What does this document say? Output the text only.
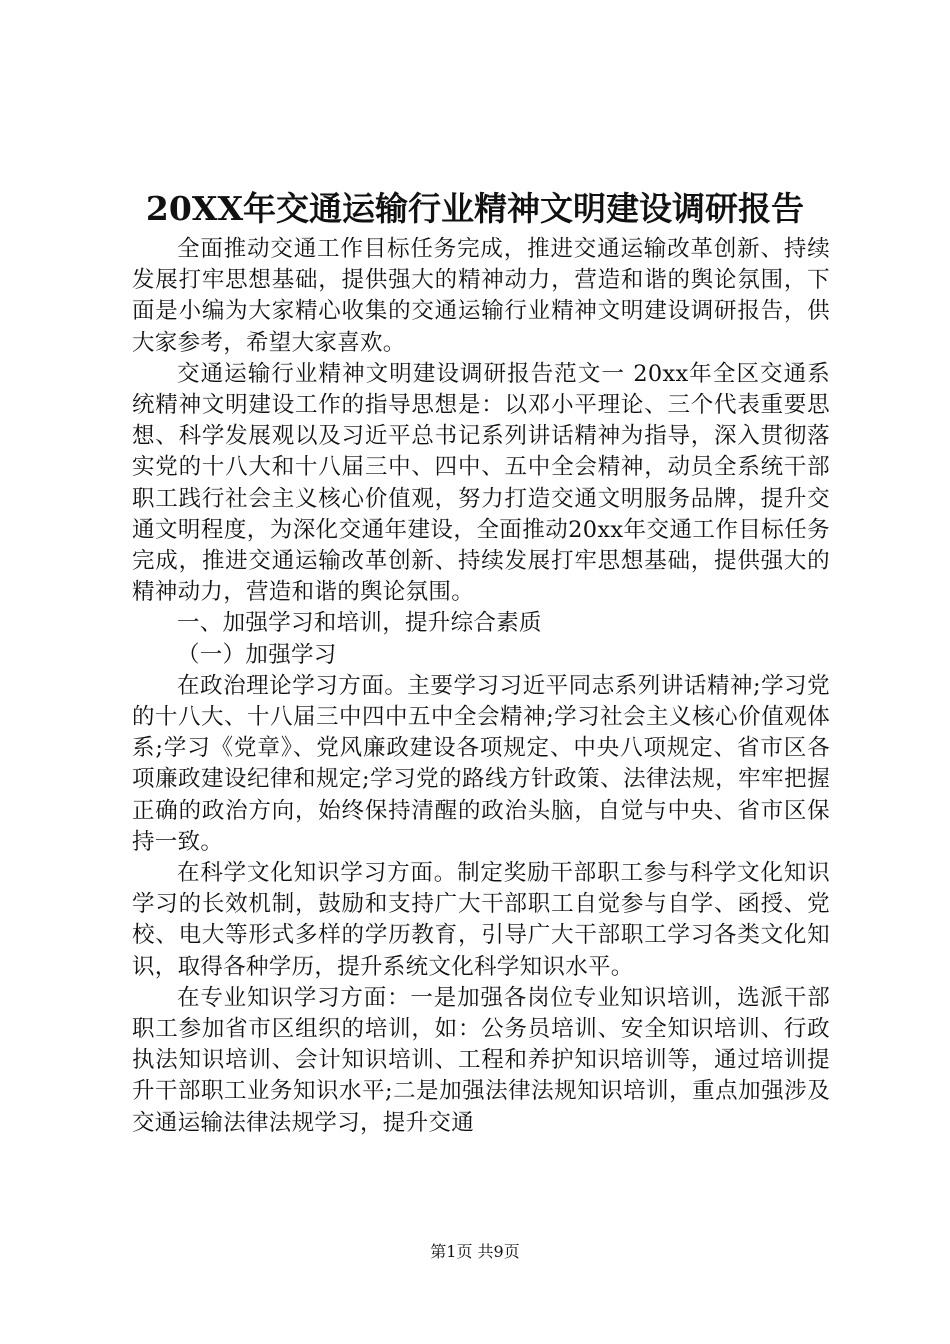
20XX年交通运输行业精神文明建设调研报告

全面推动交通工作目标任务完成，推进交通运输改革创新、持续发展打牢思想基础，提供强大的精神动力，营造和谐的舆论氛围，下面是小编为大家精心收集的交通运输行业精神文明建设调研报告，供大家参考，希望大家喜欢。

交通运输行业精神文明建设调研报告范文一 20xx年全区交通系统精神文明建设工作的指导思想是：以邓小平理论、三个代表重要思想、科学发展观以及习近平总书记系列讲话精神为指导，深入贯彻落实党的十八大和十八届三中、四中、五中全会精神，动员全系统干部职工践行社会主义核心价值观，努力打造交通文明服务品牌，提升交通文明程度，为深化交通年建设，全面推动20xx年交通工作目标任务完成，推进交通运输改革创新、持续发展打牢思想基础，提供强大的精神动力，营造和谐的舆论氛围。

一、加强学习和培训，提升综合素质

（一）加强学习

在政治理论学习方面。主要学习习近平同志系列讲话精神;学习党的十八大、十八届三中四中五中全会精神;学习社会主义核心价值观体系;学习《党章》、党风廉政建设各项规定、中央八项规定、省市区各项廉政建设纪律和规定;学习党的路线方针政策、法律法规，牢牢把握正确的政治方向，始终保持清醒的政治头脑，自觉与中央、省市区保持一致。

在科学文化知识学习方面。制定奖励干部职工参与科学文化知识学习的长效机制，鼓励和支持广大干部职工自觉参与自学、函授、党校、电大等形式多样的学历教育，引导广大干部职工学习各类文化知识，取得各种学历，提升系统文化科学知识水平。

在专业知识学习方面：一是加强各岗位专业知识培训，选派干部职工参加省市区组织的培训，如：公务员培训、安全知识培训、行政执法知识培训、会计知识培训、工程和养护知识培训等，通过培训提升干部职工业务知识水平;二是加强法律法规知识培训，重点加强涉及交通运输法律法规学习，提升交通

第1页 共9页
